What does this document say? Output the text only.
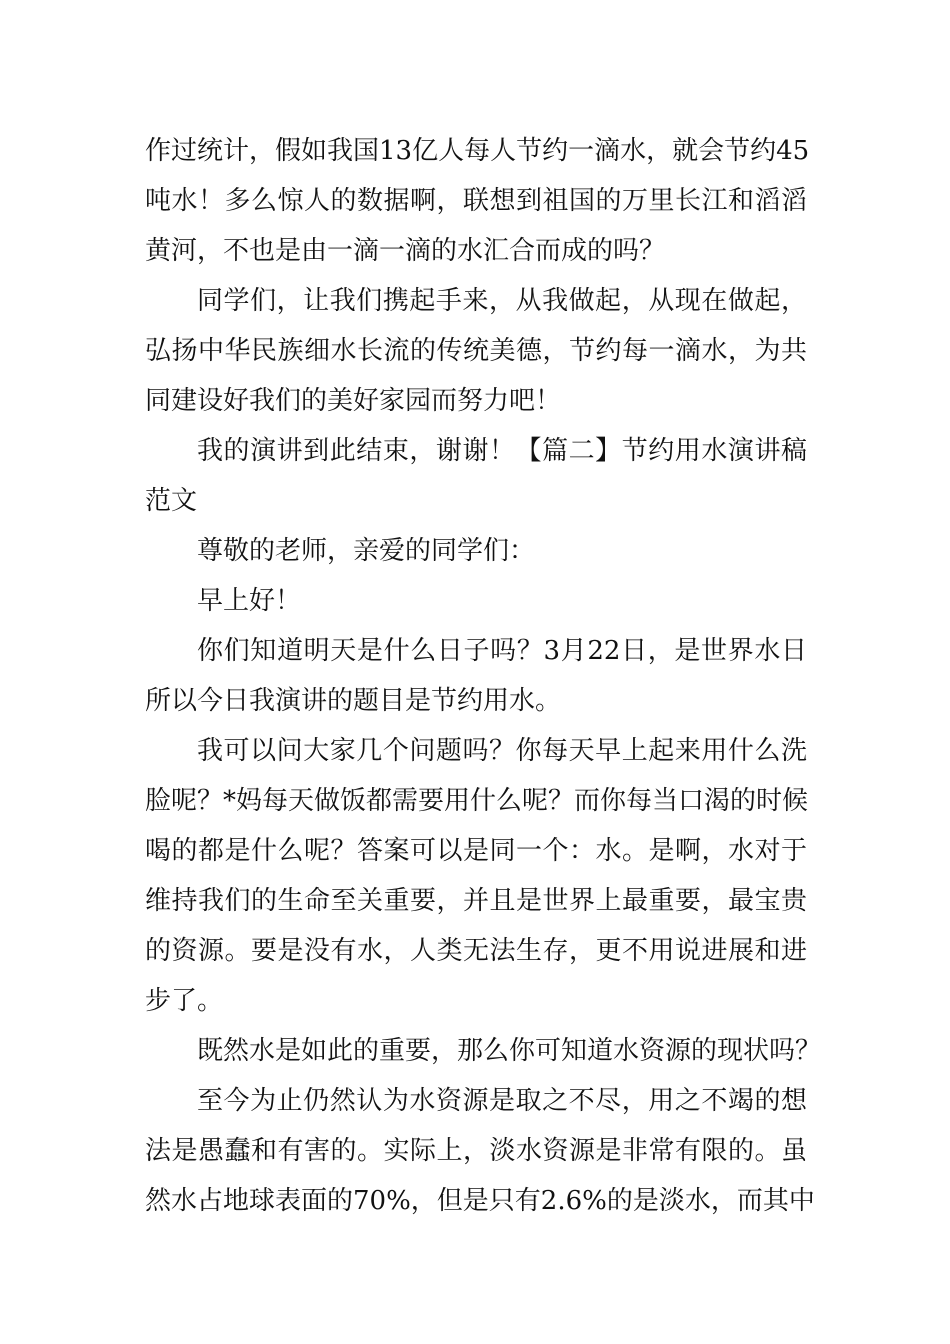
作过统计，假如我国13亿人每人节约一滴水，就会节约45
吨水！多么惊人的数据啊，联想到祖国的万里长江和滔滔
黄河，不也是由一滴一滴的水汇合而成的吗？
同学们，让我们携起手来，从我做起，从现在做起，
弘扬中华民族细水长流的传统美德，节约每一滴水，为共
同建设好我们的美好家园而努力吧！
我的演讲到此结束，谢谢！【篇二】节约用水演讲稿
范文
尊敬的老师，亲爱的同学们：
早上好！
你们知道明天是什么日子吗？3月22日，是世界水日
所以今日我演讲的题目是节约用水。
我可以问大家几个问题吗？你每天早上起来用什么洗
脸呢？*妈每天做饭都需要用什么呢？而你每当口渴的时候
喝的都是什么呢？答案可以是同一个：水。是啊，水对于
维持我们的生命至关重要，并且是世界上最重要，最宝贵
的资源。要是没有水，人类无法生存，更不用说进展和进
步了。
既然水是如此的重要，那么你可知道水资源的现状吗？
至今为止仍然认为水资源是取之不尽，用之不竭的想
法是愚蠢和有害的。实际上，淡水资源是非常有限的。虽
然水占地球表面的70%，但是只有2.6%的是淡水，而其中
